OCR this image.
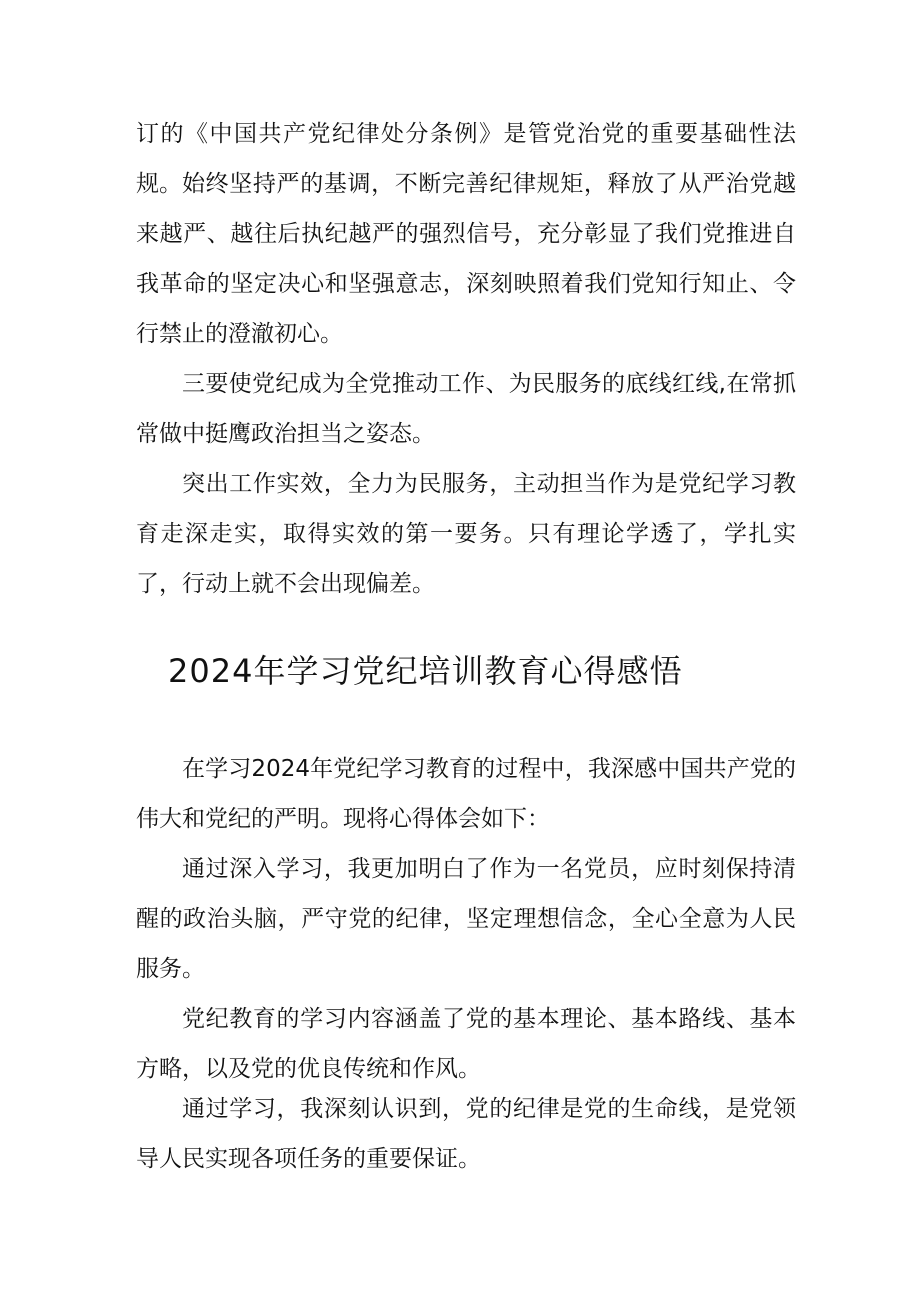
订的《中国共产党纪律处分条例》是管党治党的重要基础性法规。 始终坚持严的基调，不断完善纪律规矩，释放了从严治党越来越严、越往后执纪越严的强烈信号，充分彰显了我们党推进自我革命的坚定决心和坚强意志，深刻映照着我们党知行知止、令行禁止的澄澈初心。

三要使党纪成为全党推动工作、为民服务的底线红线,在常抓常做中挺鹰政治担当之姿态。

突出工作实效，全力为民服务，主动担当作为是党纪学习教育走深走实，取得实效的第一要务。只有理论学透了，学扎实了，行动上就不会出现偏差。

2024年学习党纪培训教育心得感悟

在学习2024年党纪学习教育的过程中，我深感中国共产党的伟大和党纪的严明。现将心得体会如下：

通过深入学习，我更加明白了作为一名党员，应时刻保持清醒的政治头脑，严守党的纪律，坚定理想信念，全心全意为人民服务。

党纪教育的学习内容涵盖了党的基本理论、基本路线、基本方略，以及党的优良传统和作风。

通过学习，我深刻认识到，党的纪律是党的生命线，是党领导人民实现各项任务的重要保证。
